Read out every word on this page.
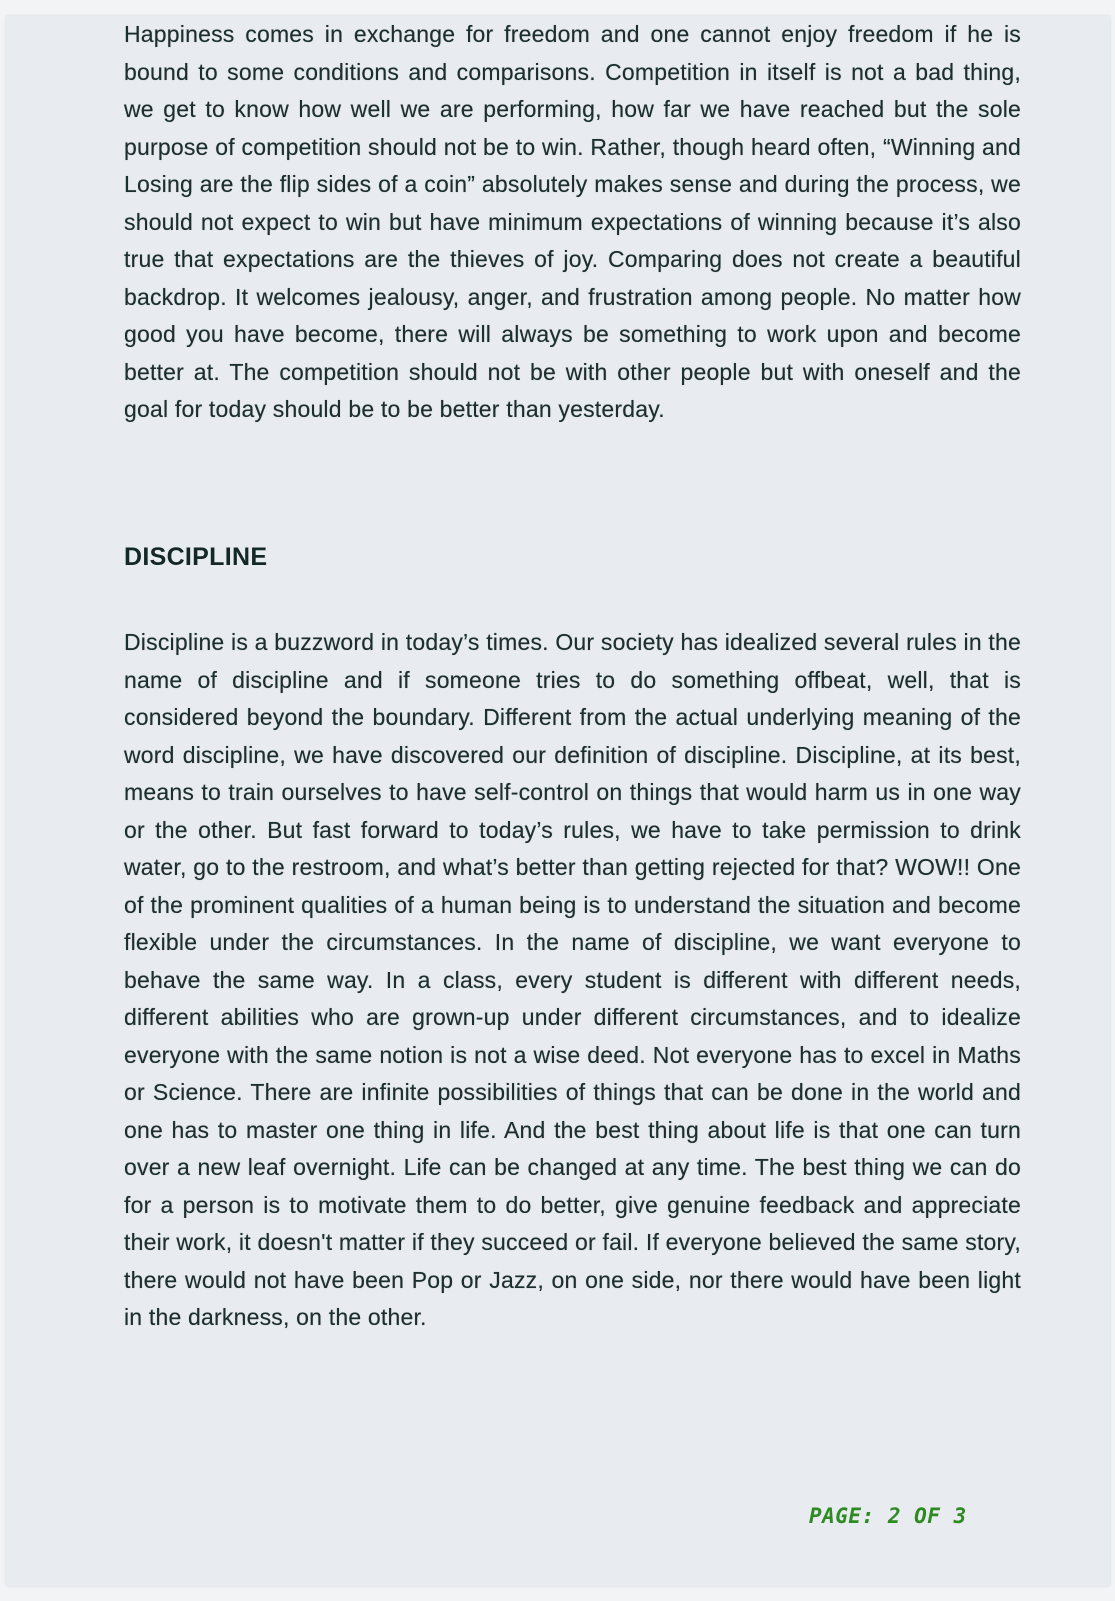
Happiness comes in exchange for freedom and one cannot enjoy freedom if he is bound to some conditions and comparisons. Competition in itself is not a bad thing, we get to know how well we are performing, how far we have reached but the sole purpose of competition should not be to win. Rather, though heard often, “Winning and Losing are the flip sides of a coin” absolutely makes sense and during the process, we should not expect to win but have minimum expectations of winning because it’s also true that expectations are the thieves of joy. Comparing does not create a beautiful backdrop. It welcomes jealousy, anger, and frustration among people. No matter how good you have become, there will always be something to work upon and become better at. The competition should not be with other people but with oneself and the goal for today should be to be better than yesterday.

DISCIPLINE

Discipline is a buzzword in today’s times. Our society has idealized several rules in the name of discipline and if someone tries to do something offbeat, well, that is considered beyond the boundary. Different from the actual underlying meaning of the word discipline, we have discovered our definition of discipline. Discipline, at its best, means to train ourselves to have self-control on things that would harm us in one way or the other. But fast forward to today’s rules, we have to take permission to drink water, go to the restroom, and what’s better than getting rejected for that? WOW!! One of the prominent qualities of a human being is to understand the situation and become flexible under the circumstances. In the name of discipline, we want everyone to behave the same way. In a class, every student is different with different needs, different abilities who are grown-up under different circumstances, and to idealize everyone with the same notion is not a wise deed. Not everyone has to excel in Maths or Science. There are infinite possibilities of things that can be done in the world and one has to master one thing in life. And the best thing about life is that one can turn over a new leaf overnight. Life can be changed at any time. The best thing we can do for a person is to motivate them to do better, give genuine feedback and appreciate their work, it doesn't matter if they succeed or fail. If everyone believed the same story, there would not have been Pop or Jazz, on one side, nor there would have been light in the darkness, on the other.

PAGE: 2 OF 3
